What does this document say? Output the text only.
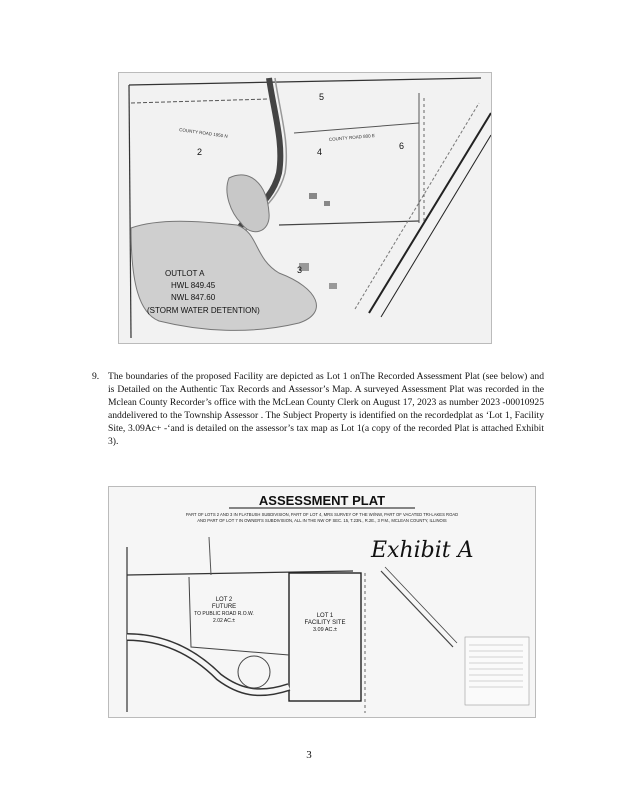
2	4
5
6
3
COUNTY ROAD 1950 N	COUNTY ROAD 800 E
OUTLOT A
HWL 849.45
NWL 847.60
(STORM WATER DETENTION)
9. The boundaries of the proposed Facility are depicted as Lot 1 onThe Recorded Assessment Plat (see below) and is Detailed on the Authentic Tax Records and Assessor’s Map. A surveyed Assessment Plat was recorded in the Mclean County Recorder’s office with the McLean County Clerk on August 17, 2023 as number 2023 -00010925 anddelivered to the Township Assessor . The Subject Property is identified on the recordedplat as ‘Lot 1, Facility Site, 3.09Ac+ -‘and is detailed on the assessor’s tax map as Lot 1(a copy of the recorded Plat is attached Exhibit 3).
ASSESSMENT PLAT
PART OF LOTS 2 AND 3 IN FLATBUSH SUBDIVISION, PART OF LOT 4, MRS SURVEY OF THE WI/NW, PART OF VACATED TRI-LAKES ROAD
AND PART OF LOT 7 IN OWNER'S SUBDIVISION, ALL IN THE NW OF SEC. 15, T.23N., R.2E., 3 P.M., MCLEAN COUNTY, ILLINOIS
Exhibit A
LOT 2
FUTURE
TO PUBLIC ROAD R.O.W.
2.02 AC.±
LOT 1
FACILITY SITE
3.09 AC.±
3
